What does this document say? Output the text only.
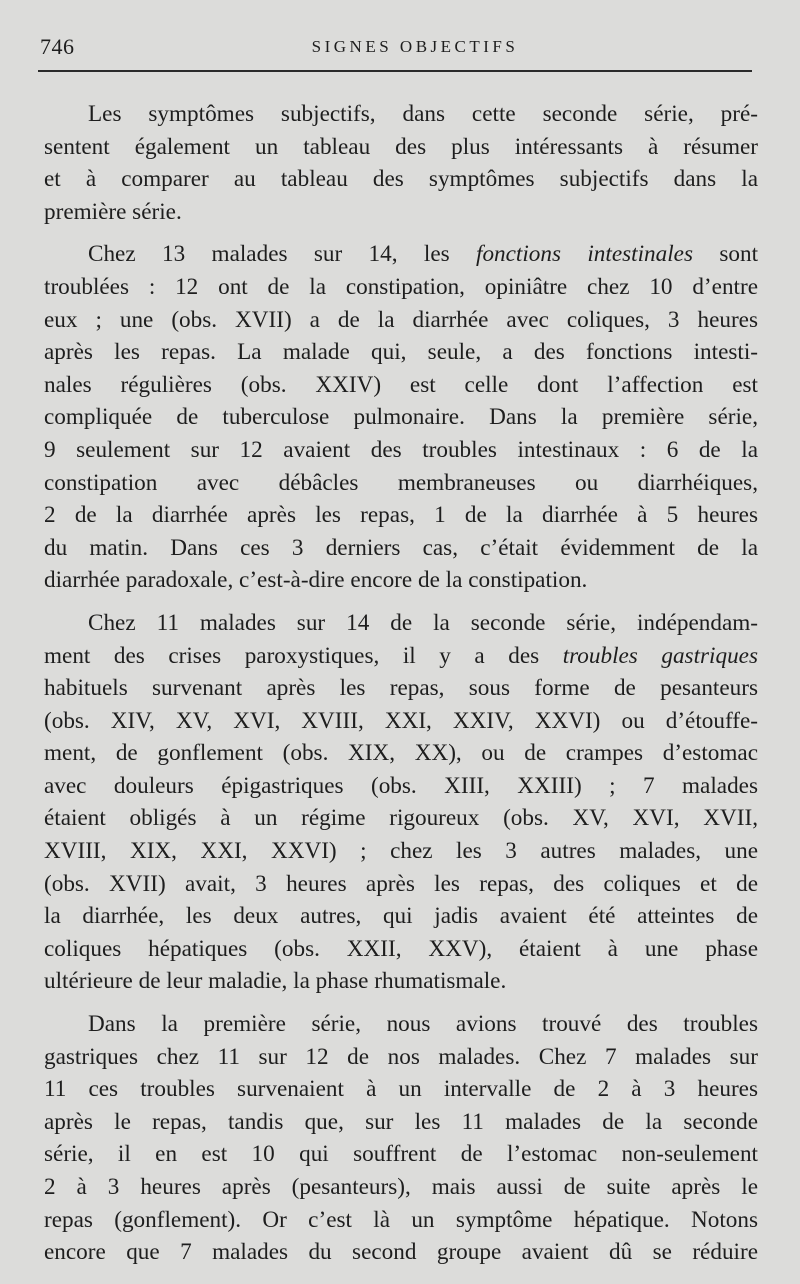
746	SIGNES OBJECTIFS

Les symptômes subjectifs, dans cette seconde série, pré-
sentent également un tableau des plus intéressants à résumer
et à comparer au tableau des symptômes subjectifs dans la
première série.

Chez 13 malades sur 14, les fonctions intestinales sont
troublées : 12 ont de la constipation, opiniâtre chez 10 d’entre
eux ; une (obs. XVII) a de la diarrhée avec coliques, 3 heures
après les repas. La malade qui, seule, a des fonctions intesti-
nales régulières (obs. XXIV) est celle dont l’affection est
compliquée de tuberculose pulmonaire. Dans la première série,
9 seulement sur 12 avaient des troubles intestinaux : 6 de la
constipation avec débâcles membraneuses ou diarrhéiques,
2 de la diarrhée après les repas, 1 de la diarrhée à 5 heures
du matin. Dans ces 3 derniers cas, c’était évidemment de la
diarrhée paradoxale, c’est-à-dire encore de la constipation.

Chez 11 malades sur 14 de la seconde série, indépendam-
ment des crises paroxystiques, il y a des troubles gastriques
habituels survenant après les repas, sous forme de pesanteurs
(obs. XIV, XV, XVI, XVIII, XXI, XXIV, XXVI) ou d’étouffe-
ment, de gonflement (obs. XIX, XX), ou de crampes d’estomac
avec douleurs épigastriques (obs. XIII, XXIII) ; 7 malades
étaient obligés à un régime rigoureux (obs. XV, XVI, XVII,
XVIII, XIX, XXI, XXVI) ; chez les 3 autres malades, une
(obs. XVII) avait, 3 heures après les repas, des coliques et de
la diarrhée, les deux autres, qui jadis avaient été atteintes de
coliques hépatiques (obs. XXII, XXV), étaient à une phase
ultérieure de leur maladie, la phase rhumatismale.

Dans la première série, nous avions trouvé des troubles
gastriques chez 11 sur 12 de nos malades. Chez 7 malades sur
11 ces troubles survenaient à un intervalle de 2 à 3 heures
après le repas, tandis que, sur les 11 malades de la seconde
série, il en est 10 qui souffrent de l’estomac non-seulement
2 à 3 heures après (pesanteurs), mais aussi de suite après le
repas (gonflement). Or c’est là un symptôme hépatique. Notons
encore que 7 malades du second groupe avaient dû se réduire
